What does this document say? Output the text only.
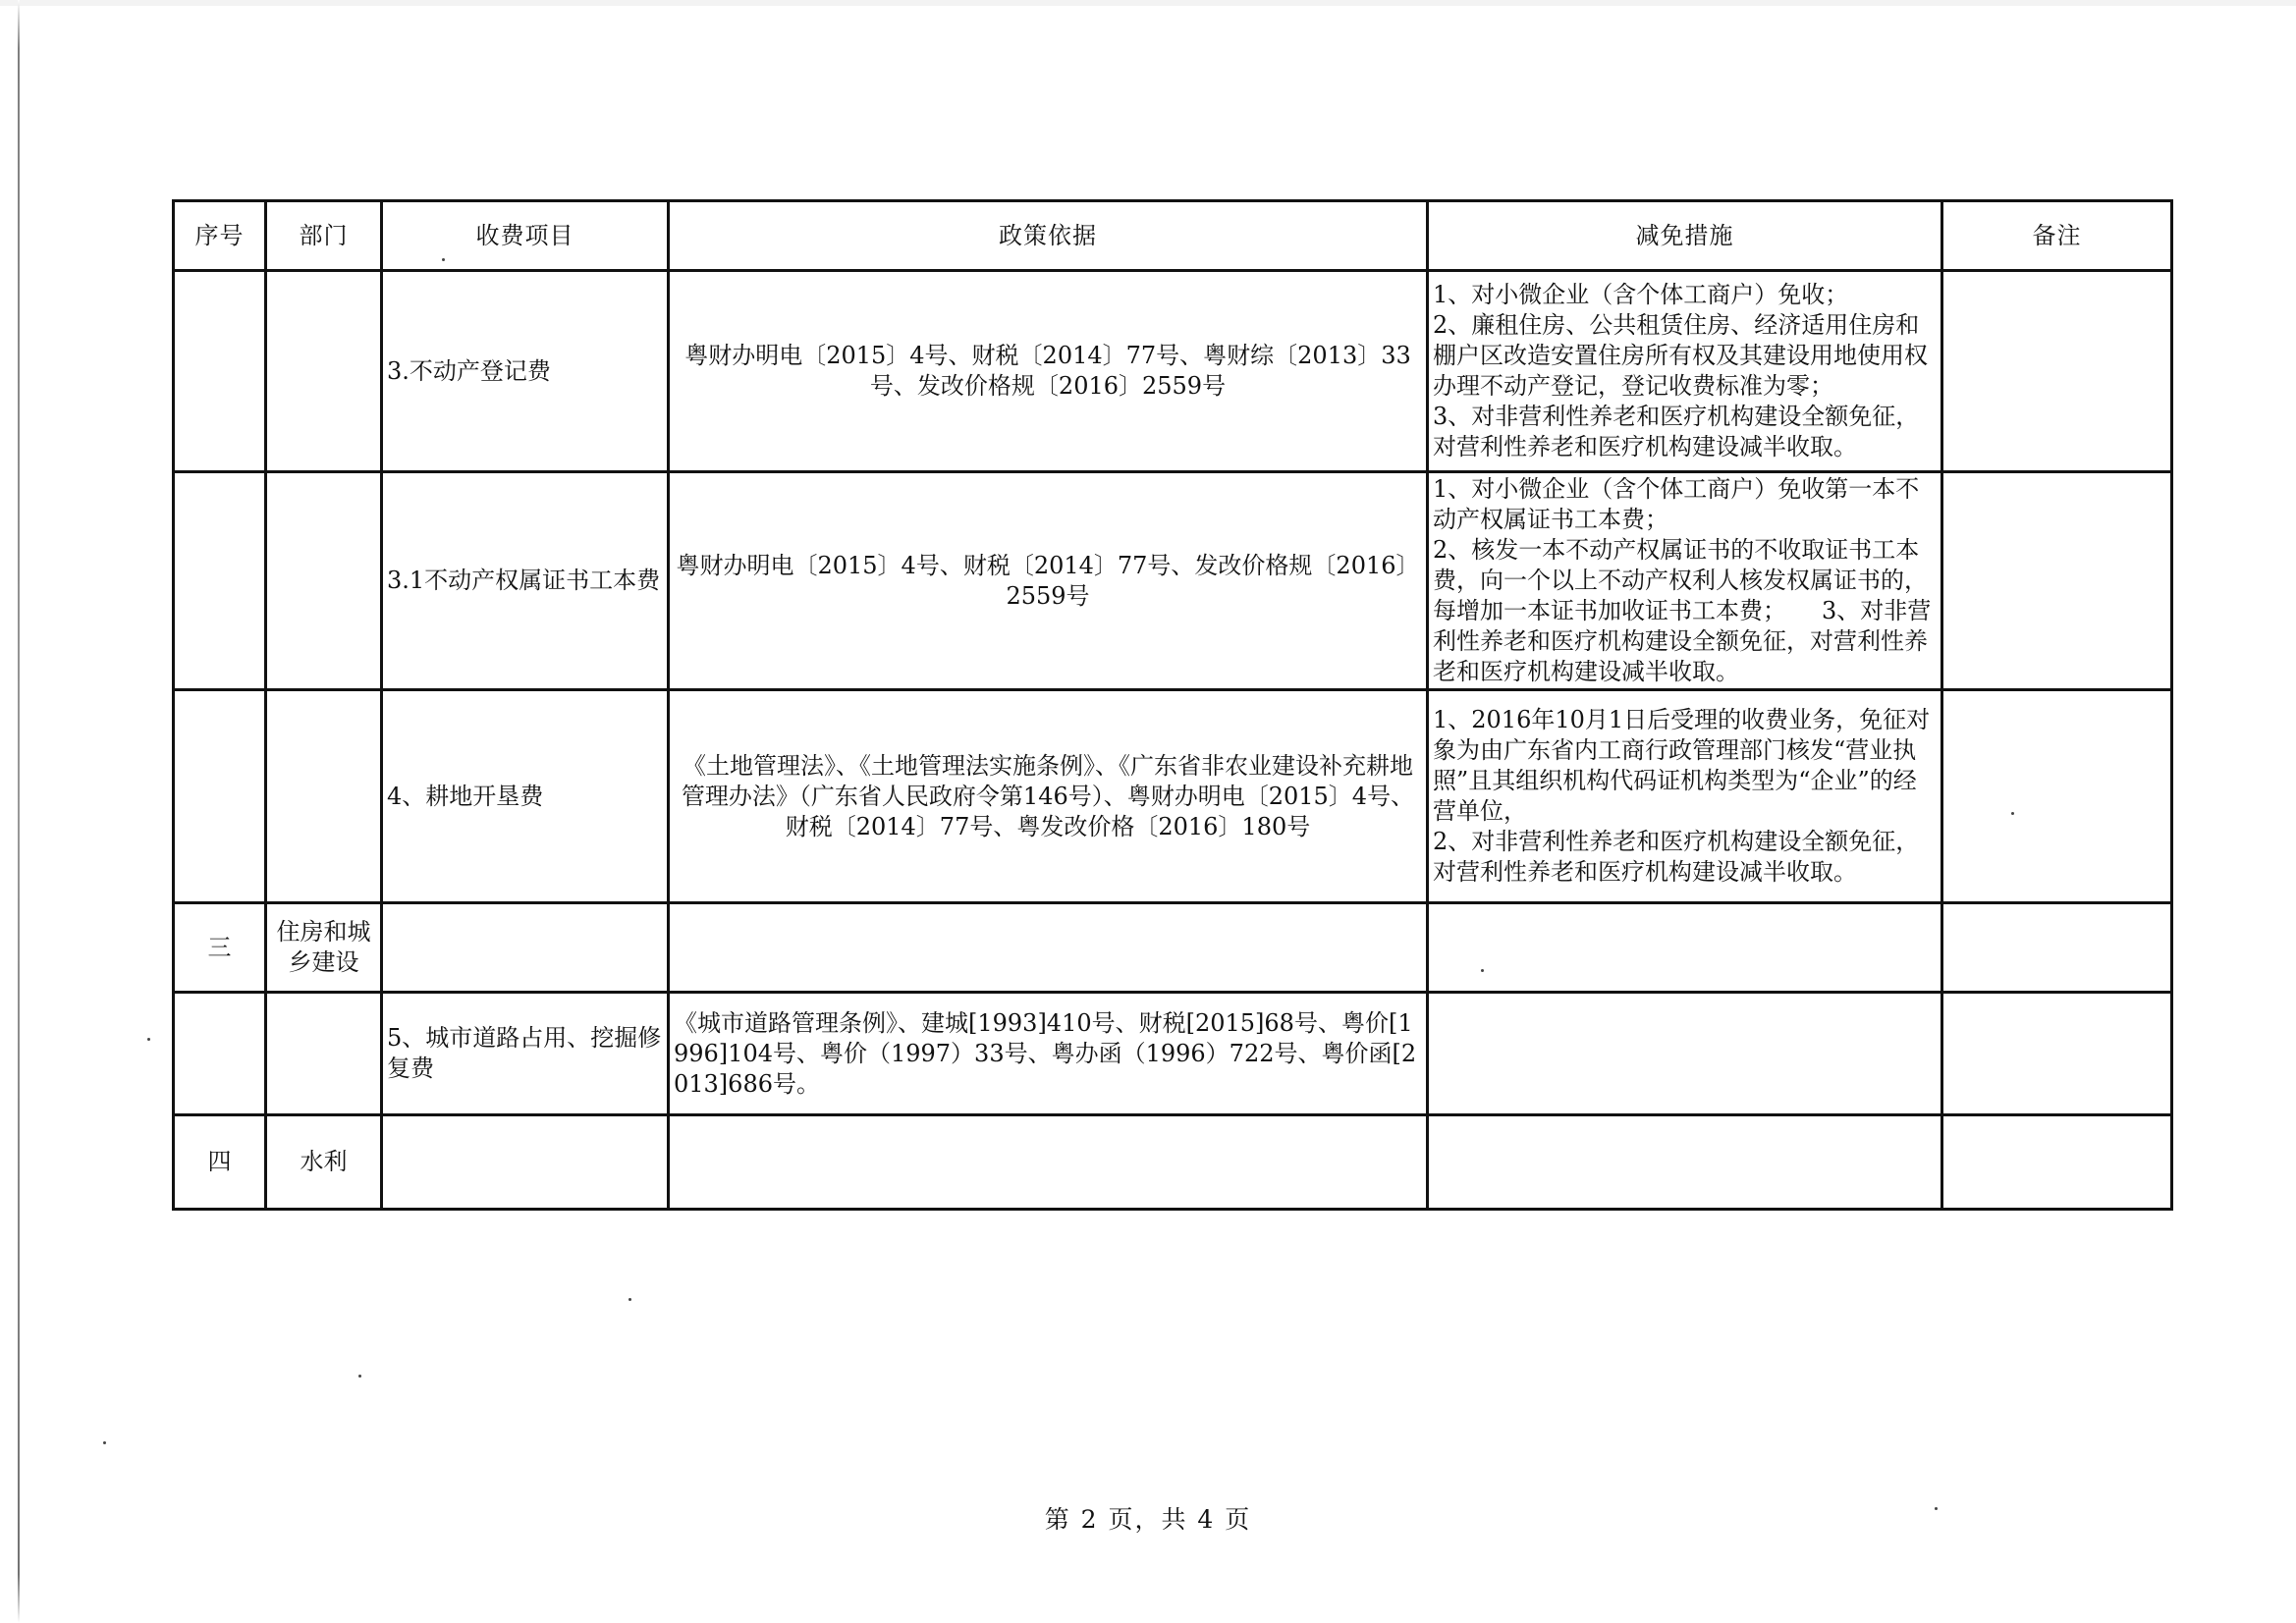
序号	部门	收费项目	政策依据	减免措施	备注
		3.不动产登记费	粤财办明电〔2015〕4号、财税〔2014〕77号、粤财综〔2013〕33号、发改价格规〔2016〕2559号	1、对小微企业（含个体工商户）免收；
2、廉租住房、公共租赁住房、经济适用住房和棚户区改造安置住房所有权及其建设用地使用权办理不动产登记，登记收费标准为零；
3、对非营利性养老和医疗机构建设全额免征，对营利性养老和医疗机构建设减半收取。	
		3.1不动产权属证书工本费	粤财办明电〔2015〕4号、财税〔2014〕77号、发改价格规〔2016〕2559号	1、对小微企业（含个体工商户）免收第一本不动产权属证书工本费；
2、核发一本不动产权属证书的不收取证书工本费，向一个以上不动产权利人核发权属证书的，每增加一本证书加收证书工本费；　　3、对非营利性养老和医疗机构建设全额免征，对营利性养老和医疗机构建设减半收取。	
		4、耕地开垦费	《土地管理法》、《土地管理法实施条例》、《广东省非农业建设补充耕地管理办法》（广东省人民政府令第146号）、粤财办明电〔2015〕4号、财税〔2014〕77号、粤发改价格〔2016〕180号	1、2016年10月1日后受理的收费业务，免征对象为由广东省内工商行政管理部门核发“营业执照”且其组织机构代码证机构类型为“企业”的经营单位，
2、对非营利性养老和医疗机构建设全额免征，对营利性养老和医疗机构建设减半收取。	
三	住房和城乡建设				
		5、城市道路占用、挖掘修复费	《城市道路管理条例》、建城[1993]410号、财税[2015]68号、粤价[1996]104号、粤价（1997）33号、粤办函（1996）722号、粤价函[2013]686号。		
四	水利				
第 2 页，共 4 页
